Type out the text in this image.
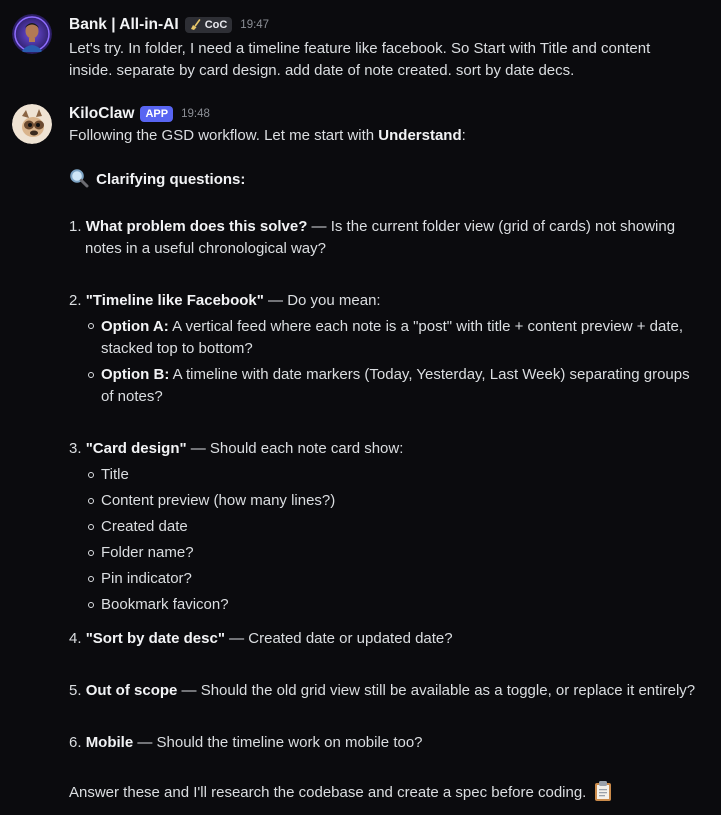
Bank | All-in-AI CoC 19:47
Let's try. In folder, I need a timeline feature like facebook. So Start with Title and content
inside. separate by card design. add date of note created. sort by date decs.
KiloClaw	APP	19:48
Following the GSD workflow. Let me start with Understand:
Clarifying questions:
1. What problem does this solve? — Is the current folder view (grid of cards) not showing
notes in a useful chronological way?
2. "Timeline like Facebook" — Do you mean:
Option A: A vertical feed where each note is a "post" with title + content preview + date,
stacked top to bottom?
Option B: A timeline with date markers (Today, Yesterday, Last Week) separating groups
of notes?
3. "Card design" — Should each note card show:
Title
Content preview (how many lines?)
Created date
Folder name?
Pin indicator?
Bookmark favicon?
4. "Sort by date desc" — Created date or updated date?
5. Out of scope — Should the old grid view still be available as a toggle, or replace it entirely?
6. Mobile — Should the timeline work on mobile too?
Answer these and I'll research the codebase and create a spec before coding.
